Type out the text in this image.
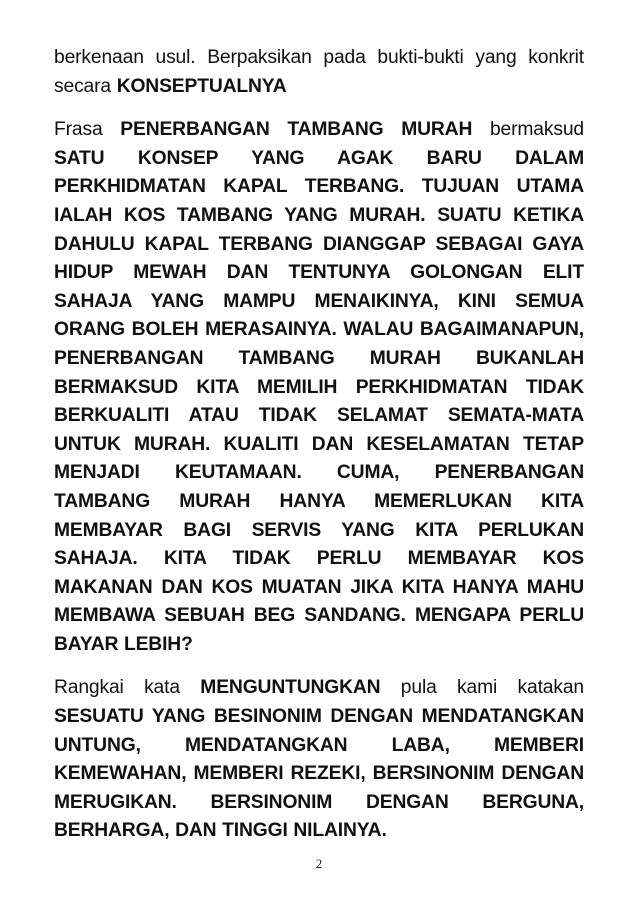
berkenaan usul. Berpaksikan pada bukti-bukti yang konkrit secara KONSEPTUALNYA

Frasa PENERBANGAN TAMBANG MURAH bermaksud SATU KONSEP YANG AGAK BARU DALAM PERKHIDMATAN KAPAL TERBANG. TUJUAN UTAMA IALAH KOS TAMBANG YANG MURAH. SUATU KETIKA DAHULU KAPAL TERBANG DIANGGAP SEBAGAI GAYA HIDUP MEWAH DAN TENTUNYA GOLONGAN ELIT SAHAJA YANG MAMPU MENAIKINYA, KINI SEMUA ORANG BOLEH MERASAINYA. WALAU BAGAIMANAPUN, PENERBANGAN TAMBANG MURAH BUKANLAH BERMAKSUD KITA MEMILIH PERKHIDMATAN TIDAK BERKUALITI ATAU TIDAK SELAMAT SEMATA-MATA UNTUK MURAH. KUALITI DAN KESELAMATAN TETAP MENJADI KEUTAMAAN. CUMA, PENERBANGAN TAMBANG MURAH HANYA MEMERLUKAN KITA MEMBAYAR BAGI SERVIS YANG KITA PERLUKAN SAHAJA. KITA TIDAK PERLU MEMBAYAR KOS MAKANAN DAN KOS MUATAN JIKA KITA HANYA MAHU MEMBAWA SEBUAH BEG SANDANG. MENGAPA PERLU BAYAR LEBIH?

Rangkai kata MENGUNTUNGKAN pula kami katakan SESUATU YANG BESINONIM DENGAN MENDATANGKAN UNTUNG, MENDATANGKAN LABA, MEMBERI KEMEWAHAN, MEMBERI REZEKI, BERSINONIM DENGAN MERUGIKAN. BERSINONIM DENGAN BERGUNA, BERHARGA, DAN TINGGI NILAINYA.

2
